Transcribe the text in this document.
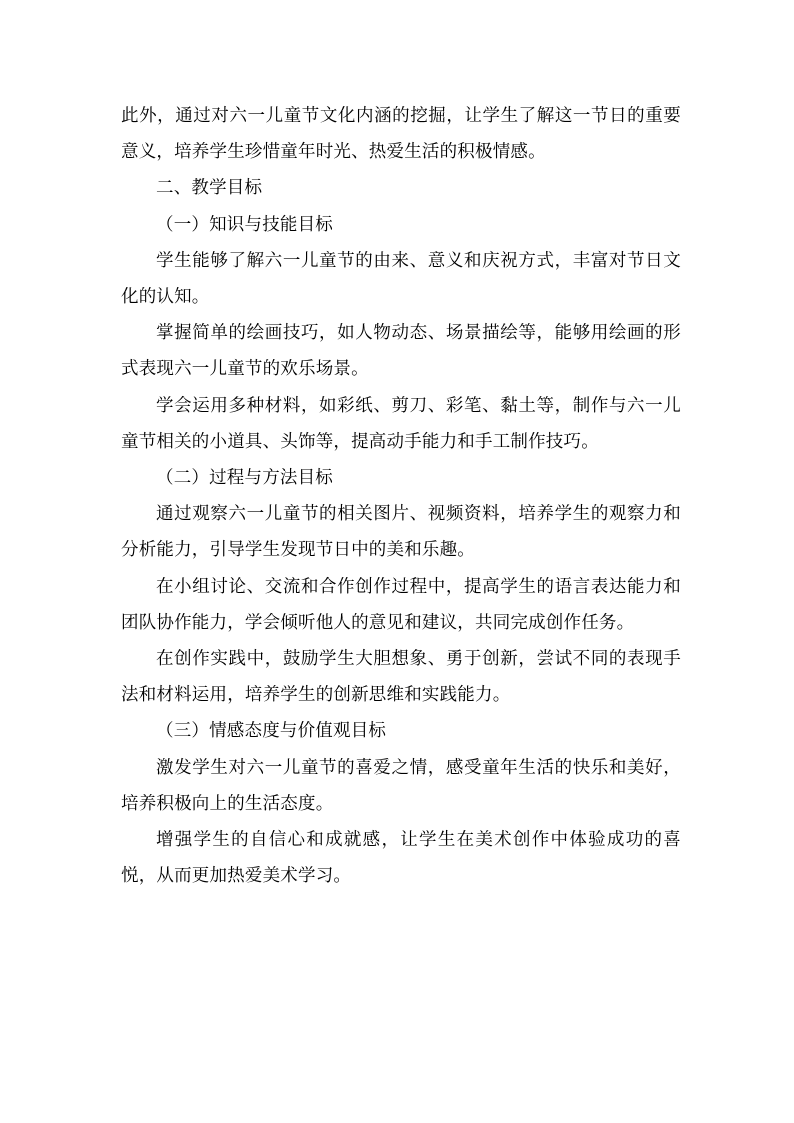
此外，通过对六一儿童节文化内涵的挖掘，让学生了解这一节日的重要意义，培养学生珍惜童年时光、热爱生活的积极情感。

二、教学目标

（一）知识与技能目标

学生能够了解六一儿童节的由来、意义和庆祝方式，丰富对节日文化的认知。

掌握简单的绘画技巧，如人物动态、场景描绘等，能够用绘画的形式表现六一儿童节的欢乐场景。

学会运用多种材料，如彩纸、剪刀、彩笔、黏土等，制作与六一儿童节相关的小道具、头饰等，提高动手能力和手工制作技巧。

（二）过程与方法目标

通过观察六一儿童节的相关图片、视频资料，培养学生的观察力和分析能力，引导学生发现节日中的美和乐趣。

在小组讨论、交流和合作创作过程中，提高学生的语言表达能力和团队协作能力，学会倾听他人的意见和建议，共同完成创作任务。

在创作实践中，鼓励学生大胆想象、勇于创新，尝试不同的表现手法和材料运用，培养学生的创新思维和实践能力。

（三）情感态度与价值观目标

激发学生对六一儿童节的喜爱之情，感受童年生活的快乐和美好，培养积极向上的生活态度。

增强学生的自信心和成就感，让学生在美术创作中体验成功的喜悦，从而更加热爱美术学习。
